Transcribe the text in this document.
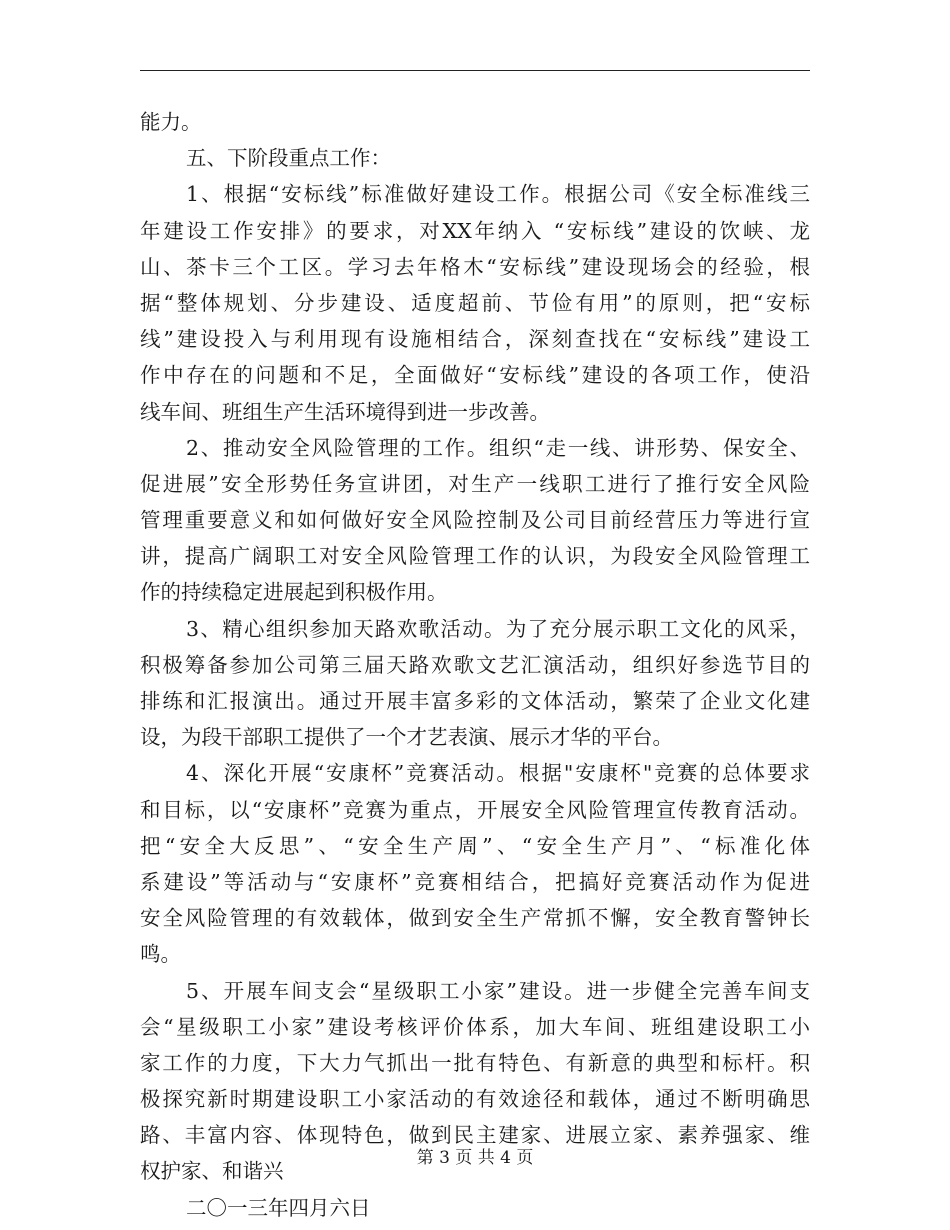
能力。
五、下阶段重点工作：
1、根据“安标线”标准做好建设工作。根据公司《安全标准线三
年建设工作安排》的要求，对XX年纳入 “安标线”建设的饮峡、龙
山、茶卡三个工区。学习去年格木“安标线”建设现场会的经验，根
据“整体规划、分步建设、适度超前、节俭有用”的原则，把“安标
线”建设投入与利用现有设施相结合，深刻查找在“安标线”建设工
作中存在的问题和不足，全面做好“安标线”建设的各项工作，使沿
线车间、班组生产生活环境得到进一步改善。
2、推动安全风险管理的工作。组织“走一线、讲形势、保安全、
促进展”安全形势任务宣讲团，对生产一线职工进行了推行安全风险
管理重要意义和如何做好安全风险控制及公司目前经营压力等进行宣
讲，提高广阔职工对安全风险管理工作的认识，为段安全风险管理工
作的持续稳定进展起到积极作用。
3、精心组织参加天路欢歌活动。为了充分展示职工文化的风采，
积极筹备参加公司第三届天路欢歌文艺汇演活动，组织好参选节目的
排练和汇报演出。通过开展丰富多彩的文体活动，繁荣了企业文化建
设，为段干部职工提供了一个才艺表演、展示才华的平台。
4、深化开展“安康杯”竞赛活动。根据"安康杯"竞赛的总体要求
和目标，以“安康杯”竞赛为重点，开展安全风险管理宣传教育活动。
把“安全大反思”、“安全生产周”、“安全生产月”、“标准化体
系建设”等活动与“安康杯”竞赛相结合，把搞好竞赛活动作为促进
安全风险管理的有效载体，做到安全生产常抓不懈，安全教育警钟长
鸣。
5、开展车间支会“星级职工小家”建设。进一步健全完善车间支
会“星级职工小家”建设考核评价体系，加大车间、班组建设职工小
家工作的力度，下大力气抓出一批有特色、有新意的典型和标杆。积
极探究新时期建设职工小家活动的有效途径和载体，通过不断明确思
路、丰富内容、体现特色，做到民主建家、进展立家、素养强家、维
权护家、和谐兴
二〇一三年四月六日
第 3 页 共 4 页
